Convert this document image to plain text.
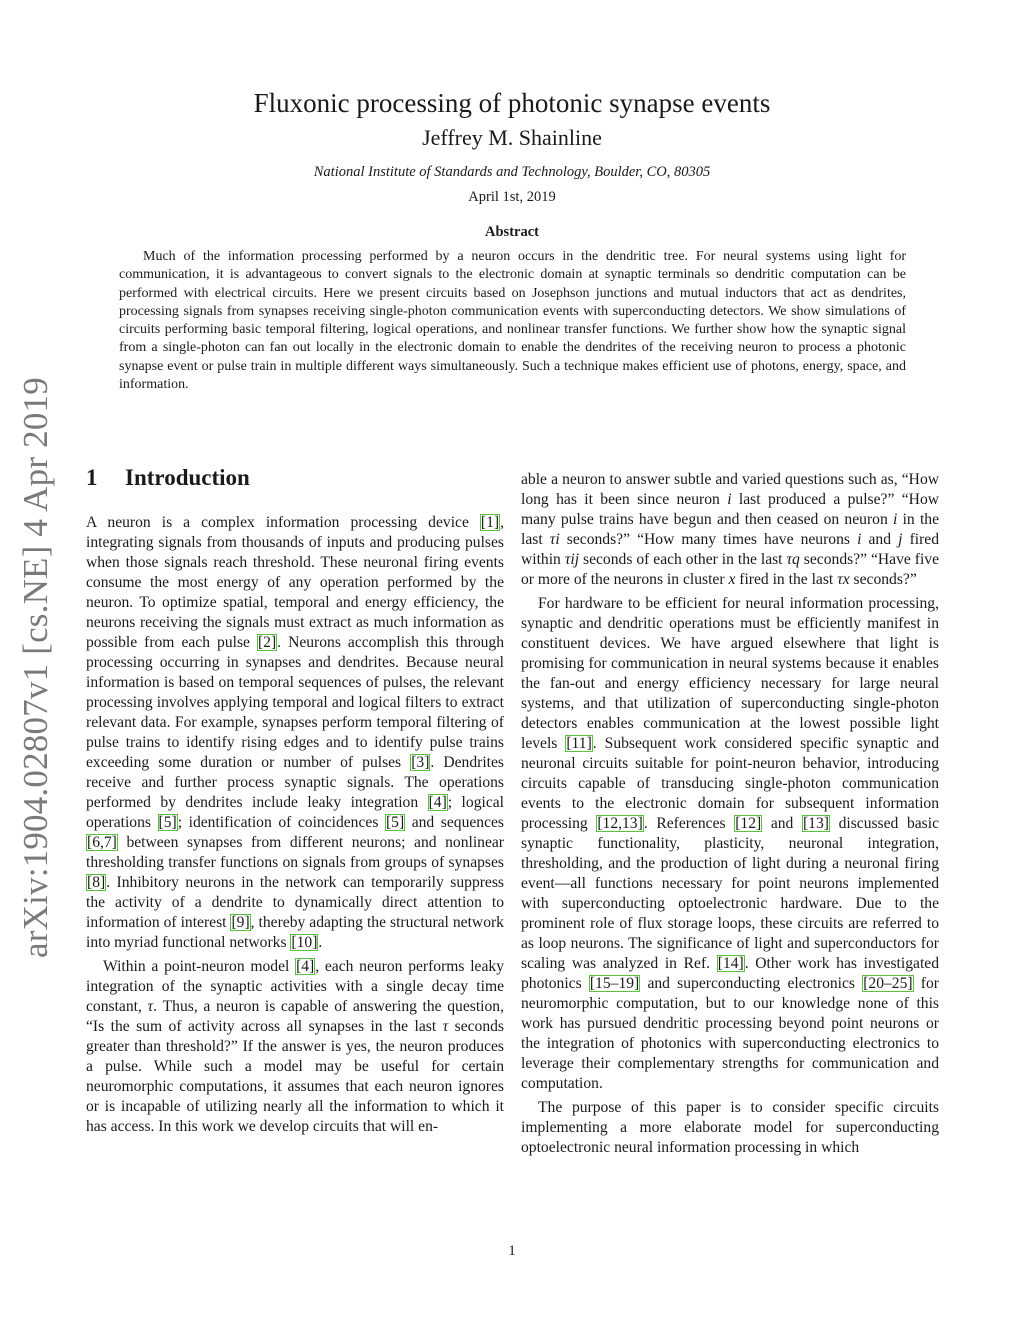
arXiv:1904.02807v1 [cs.NE] 4 Apr 2019
Fluxonic processing of photonic synapse events
Jeffrey M. Shainline
National Institute of Standards and Technology, Boulder, CO, 80305
April 1st, 2019
Abstract
Much of the information processing performed by a neuron occurs in the dendritic tree. For neural systems using light for communication, it is advantageous to convert signals to the electronic domain at synaptic terminals so dendritic computation can be performed with electrical circuits. Here we present circuits based on Josephson junctions and mutual inductors that act as dendrites, processing signals from synapses receiving single-photon communication events with superconducting detectors. We show simulations of circuits performing basic temporal filtering, logical operations, and nonlinear transfer functions. We further show how the synaptic signal from a single-photon can fan out locally in the electronic domain to enable the dendrites of the receiving neuron to process a photonic synapse event or pulse train in multiple different ways simultaneously. Such a technique makes efficient use of photons, energy, space, and information.
1 Introduction

A neuron is a complex information processing device [1], integrating signals from thousands of inputs and producing pulses when those signals reach threshold. These neuronal firing events consume the most energy of any operation performed by the neuron. To optimize spatial, temporal and energy efficiency, the neurons receiving the signals must extract as much information as possible from each pulse [2]. Neurons accomplish this through processing occurring in synapses and dendrites. Because neural information is based on temporal sequences of pulses, the relevant processing involves applying temporal and logical filters to extract relevant data. For example, synapses perform temporal filtering of pulse trains to identify rising edges and to identify pulse trains exceeding some duration or number of pulses [3]. Dendrites receive and further process synaptic signals. The operations performed by dendrites include leaky integration [4]; logical operations [5]; identification of coincidences [5] and sequences [6,7] between synapses from different neurons; and nonlinear thresholding transfer functions on signals from groups of synapses [8]. Inhibitory neurons in the network can temporarily suppress the activity of a dendrite to dynamically direct attention to information of interest [9], thereby adapting the structural network into myriad functional networks [10].

Within a point-neuron model [4], each neuron performs leaky integration of the synaptic activities with a single decay time constant, τ. Thus, a neuron is capable of answering the question, “Is the sum of activity across all synapses in the last τ seconds greater than threshold?” If the answer is yes, the neuron produces a pulse. While such a model may be useful for certain neuromorphic computations, it assumes that each neuron ignores or is incapable of utilizing nearly all the information to which it has access. In this work we develop circuits that will en-

able a neuron to answer subtle and varied questions such as, “How long has it been since neuron i last produced a pulse?” “How many pulse trains have begun and then ceased on neuron i in the last τi seconds?” “How many times have neurons i and j fired within τij seconds of each other in the last τq seconds?” “Have five or more of the neurons in cluster x fired in the last τx seconds?”

For hardware to be efficient for neural information processing, synaptic and dendritic operations must be efficiently manifest in constituent devices. We have argued elsewhere that light is promising for communication in neural systems because it enables the fan-out and energy efficiency necessary for large neural systems, and that utilization of superconducting single-photon detectors enables communication at the lowest possible light levels [11]. Subsequent work considered specific synaptic and neuronal circuits suitable for point-neuron behavior, introducing circuits capable of transducing single-photon communication events to the electronic domain for subsequent information processing [12,13]. References [12] and [13] discussed basic synaptic functionality, plasticity, neuronal integration, thresholding, and the production of light during a neuronal firing event—all functions necessary for point neurons implemented with superconducting optoelectronic hardware. Due to the prominent role of flux storage loops, these circuits are referred to as loop neurons. The significance of light and superconductors for scaling was analyzed in Ref. [14]. Other work has investigated photonics [15–19] and superconducting electronics [20–25] for neuromorphic computation, but to our knowledge none of this work has pursued dendritic processing beyond point neurons or the integration of photonics with superconducting electronics to leverage their complementary strengths for communication and computation.

The purpose of this paper is to consider specific circuits implementing a more elaborate model for superconducting optoelectronic neural information processing in which

1
